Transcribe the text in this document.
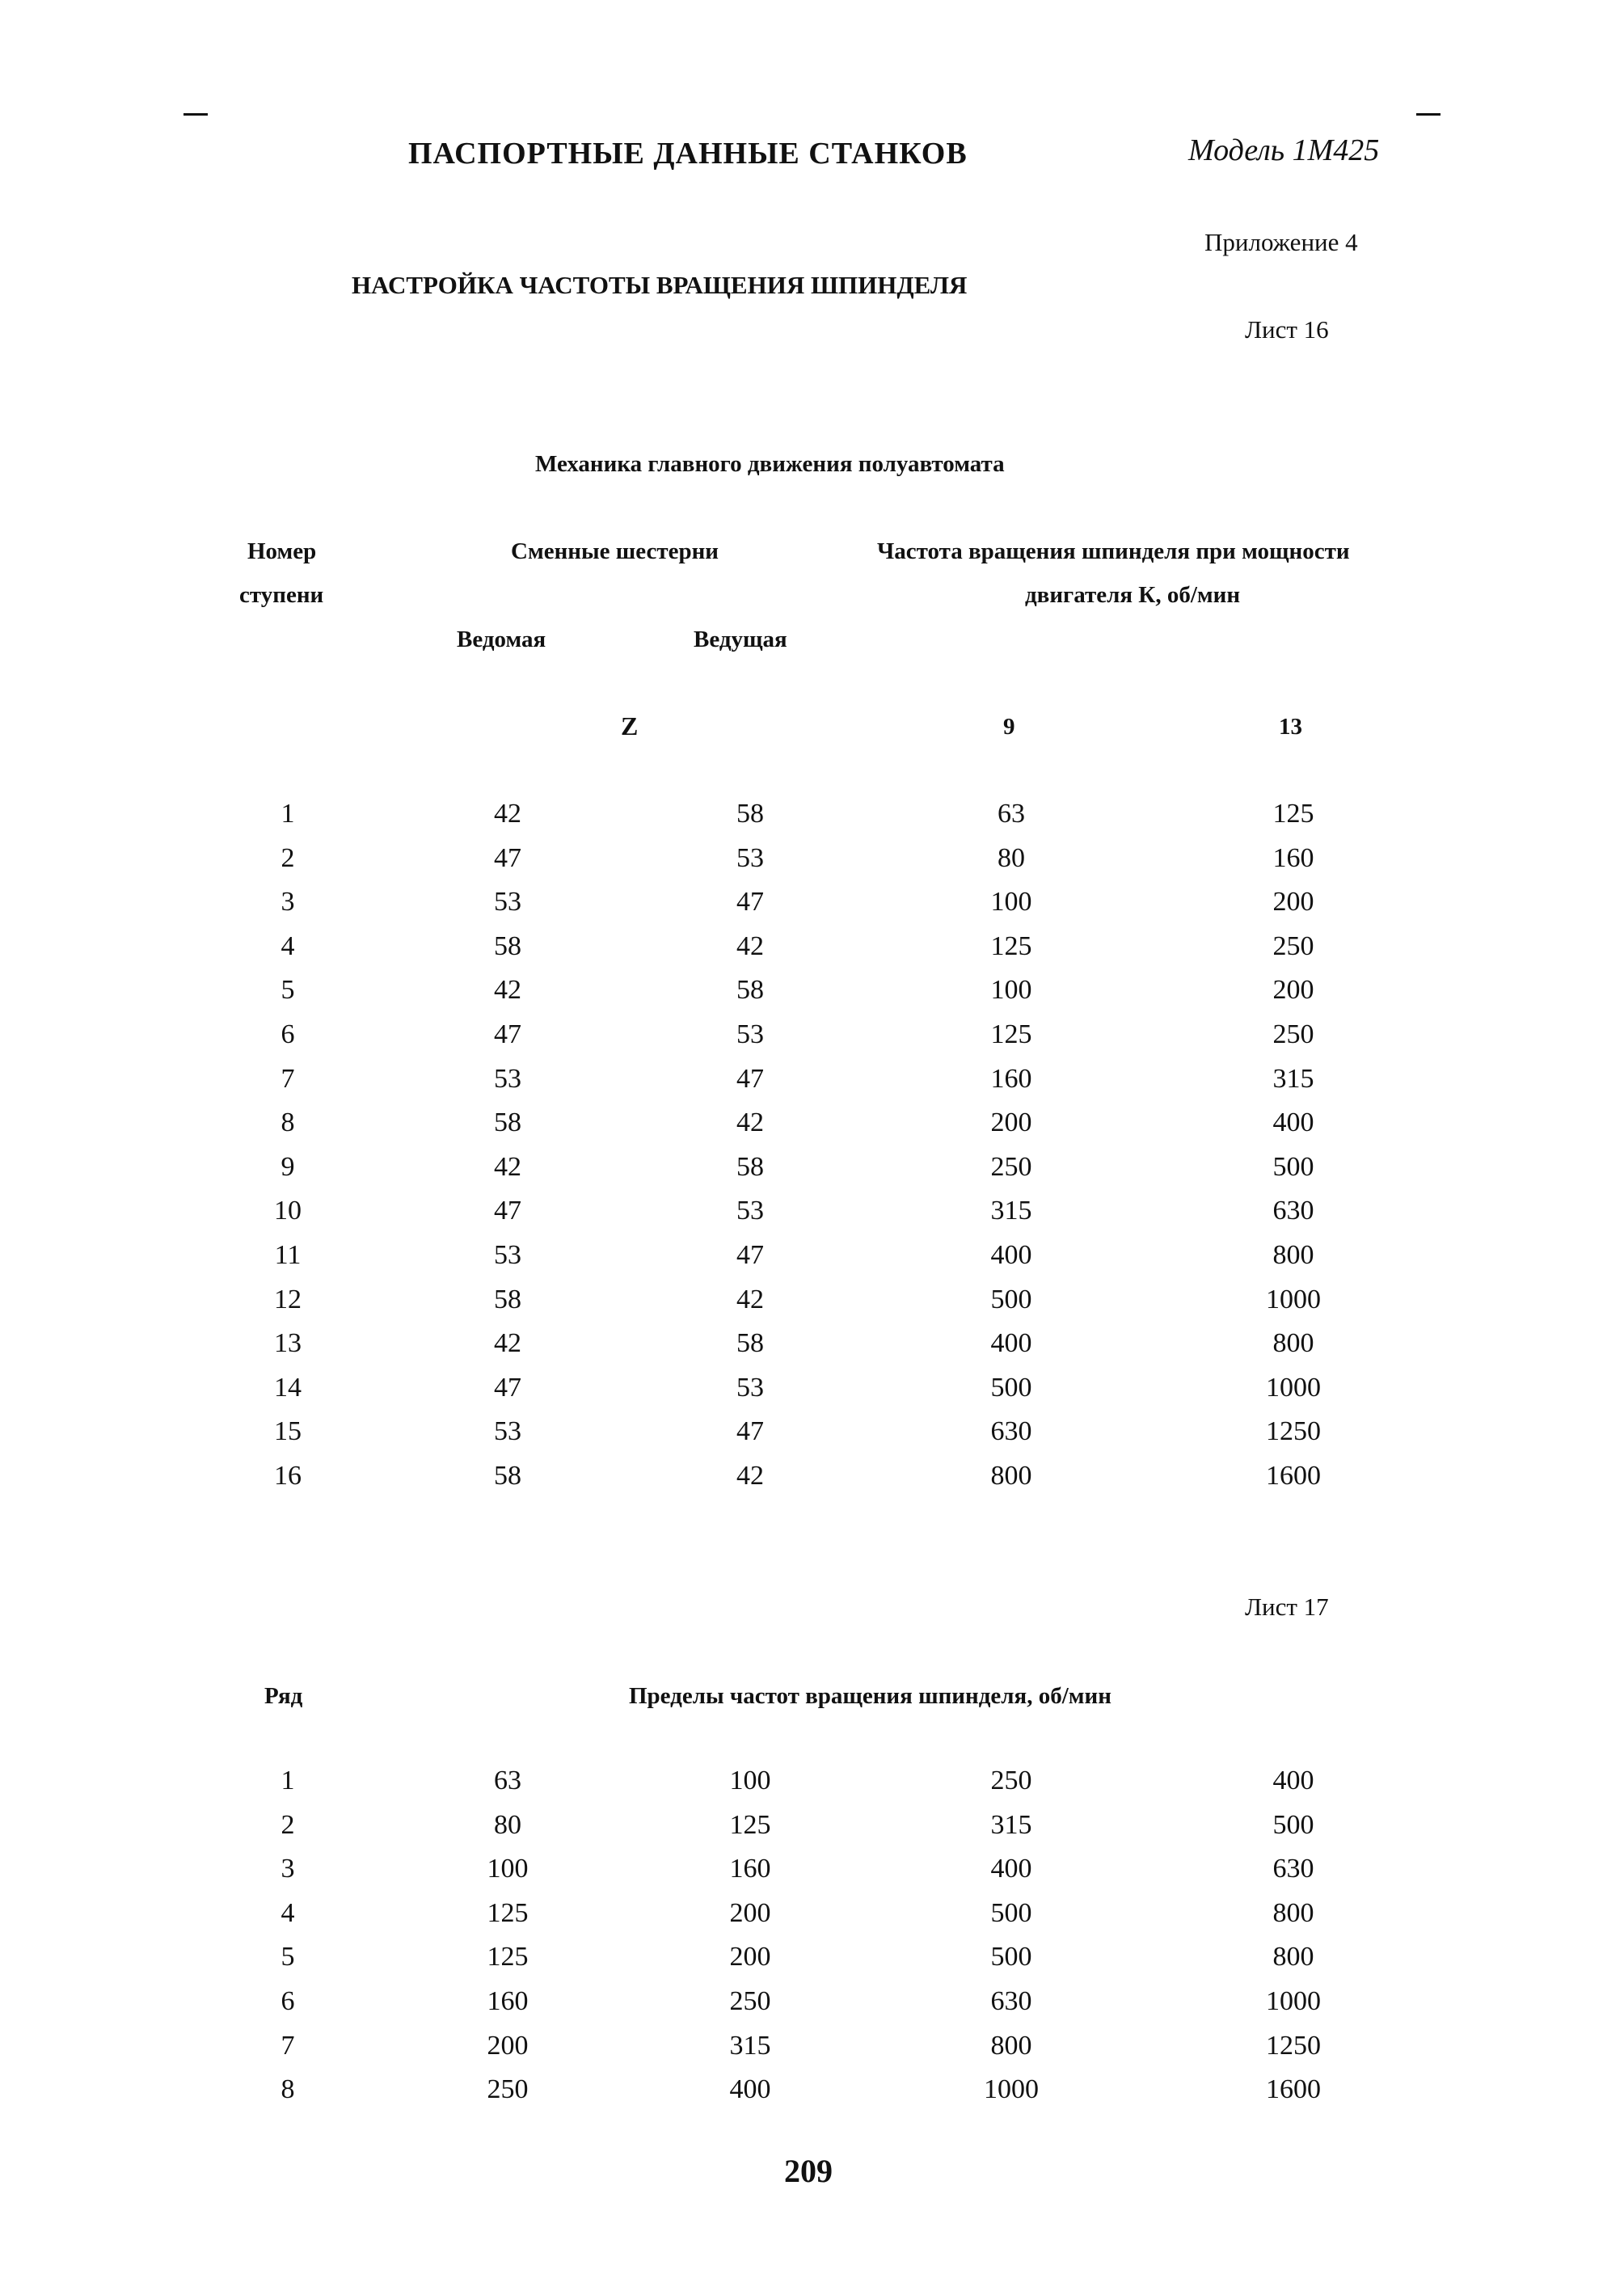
ПАСПОРТНЫЕ ДАННЫЕ СТАНКОВ	Модель 1М425
Приложение 4
НАСТРОЙКА ЧАСТОТЫ ВРАЩЕНИЯ ШПИНДЕЛЯ
Лист 16
Механика главного движения полуавтомата
Номер
ступени
Сменные шестерни
Ведомая	Ведущая
Частота вращения шпинделя при мощности
двигателя К, об/мин
Z	9	13
1	42	58	63	125
2	47	53	80	160
3	53	47	100	200
4	58	42	125	250
5	42	58	100	200
6	47	53	125	250
7	53	47	160	315
8	58	42	200	400
9	42	58	250	500
10	47	53	315	630
11	53	47	400	800
12	58	42	500	1000
13	42	58	400	800
14	47	53	500	1000
15	53	47	630	1250
16	58	42	800	1600
Лист 17
Ряд	Пределы частот вращения шпинделя, об/мин
1	63	100	250	400
2	80	125	315	500
3	100	160	400	630
4	125	200	500	800
5	125	200	500	800
6	160	250	630	1000
7	200	315	800	1250
8	250	400	1000	1600
209
